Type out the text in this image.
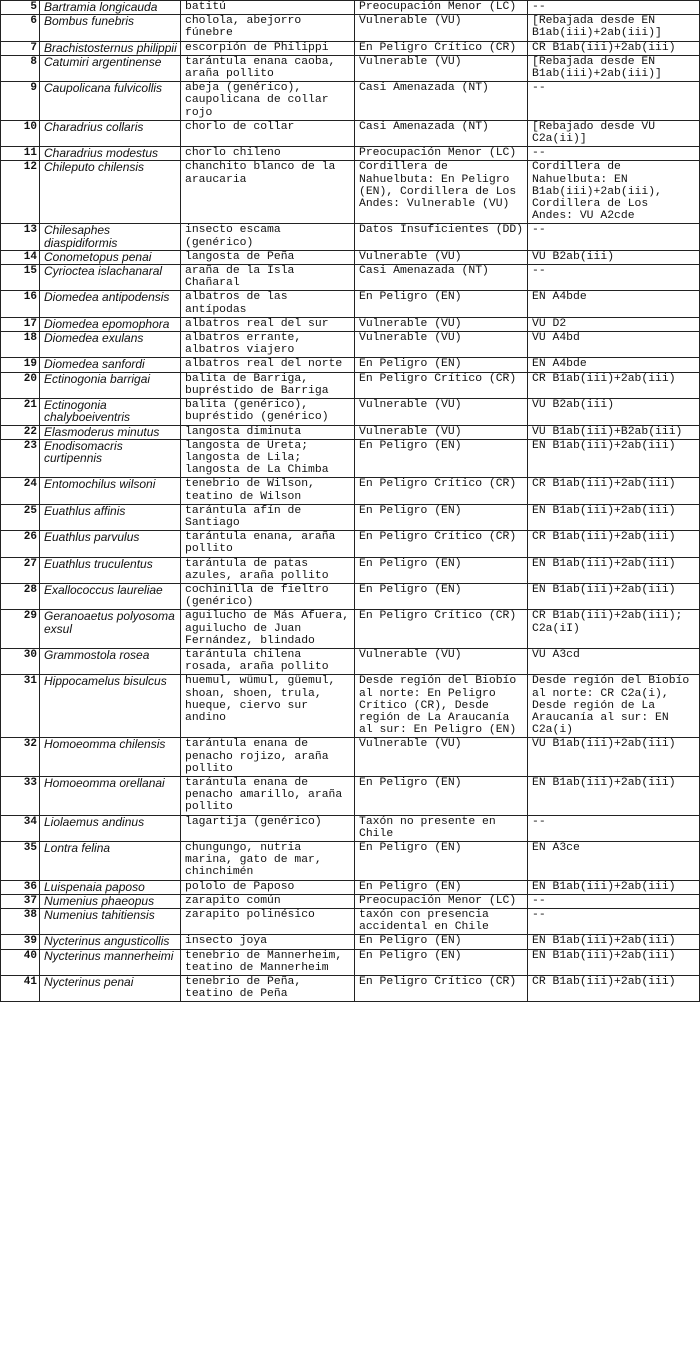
5	Bartramia longicauda	batitú	Preocupación Menor (LC)	--
6	Bombus funebris	cholola, abejorro fúnebre	Vulnerable (VU)	[Rebajada desde EN B1ab(iii)+2ab(iii)]
7	Brachistosternus philippii	escorpión de Philippi	En Peligro Crítico (CR)	CR B1ab(iii)+2ab(iii)
8	Catumiri argentinense	tarántula enana caoba, araña pollito	Vulnerable (VU)	[Rebajada desde EN B1ab(iii)+2ab(iii)]
9	Caupolicana fulvicollis	abeja (genérico), caupolicana de collar rojo	Casi Amenazada (NT)	--
10	Charadrius collaris	chorlo de collar	Casi Amenazada (NT)	[Rebajado desde VU C2a(ii)]
11	Charadrius modestus	chorlo chileno	Preocupación Menor (LC)	--
12	Chileputo chilensis	chanchito blanco de la araucaria	Cordillera de Nahuelbuta: En Peligro (EN), Cordillera de Los Andes: Vulnerable (VU)	Cordillera de Nahuelbuta: EN B1ab(iii)+2ab(iii), Cordillera de Los Andes: VU A2cde
13	Chilesaphes diaspidiformis	insecto escama (genérico)	Datos Insuficientes (DD)	--
14	Conometopus penai	langosta de Peña	Vulnerable (VU)	VU B2ab(iii)
15	Cyrioctea islachanaral	araña de la Isla Chañaral	Casi Amenazada (NT)	--
16	Diomedea antipodensis	albatros de las antípodas	En Peligro (EN)	EN A4bde
17	Diomedea epomophora	albatros real del sur	Vulnerable (VU)	VU D2
18	Diomedea exulans	albatros errante, albatros viajero	Vulnerable (VU)	VU A4bd
19	Diomedea sanfordi	albatros real del norte	En Peligro (EN)	EN A4bde
20	Ectinogonia barrigai	balita de Barriga, bupréstido de Barriga	En Peligro Crítico (CR)	CR B1ab(iii)+2ab(iii)
21	Ectinogonia chalyboeiventris	balita (genérico), bupréstido (genérico)	Vulnerable (VU)	VU B2ab(iii)
22	Elasmoderus minutus	langosta diminuta	Vulnerable (VU)	VU B1ab(iii)+B2ab(iii)
23	Enodisomacris curtipennis	langosta de Ureta; langosta de Lila; langosta de La Chimba	En Peligro (EN)	EN B1ab(iii)+2ab(iii)
24	Entomochilus wilsoni	tenebrio de Wilson, teatino de Wilson	En Peligro Crítico (CR)	CR B1ab(iii)+2ab(iii)
25	Euathlus affinis	tarántula afín de Santiago	En Peligro (EN)	EN B1ab(iii)+2ab(iii)
26	Euathlus parvulus	tarántula enana, araña pollito	En Peligro Crítico (CR)	CR B1ab(iii)+2ab(iii)
27	Euathlus truculentus	tarántula de patas azules, araña pollito	En Peligro (EN)	EN B1ab(iii)+2ab(iii)
28	Exallococcus laureliae	cochinilla de fieltro (genérico)	En Peligro (EN)	EN B1ab(iii)+2ab(iii)
29	Geranoaetus polyosoma exsul	aguilucho de Más Afuera, aguilucho de Juan Fernández, blindado	En Peligro Crítico (CR)	CR B1ab(iii)+2ab(iii); C2a(iI)
30	Grammostola rosea	tarántula chilena rosada, araña pollito	Vulnerable (VU)	VU A3cd
31	Hippocamelus bisulcus	huemul, wümul, güemul, shoan, shoen, trula, hueque, ciervo sur andino	Desde región del Biobío al norte: En Peligro Crítico (CR), Desde región de La Araucanía al sur: En Peligro (EN)	Desde región del Biobío al norte: CR C2a(i), Desde región de La Araucanía al sur: EN C2a(i)
32	Homoeomma chilensis	tarántula enana de penacho rojizo, araña pollito	Vulnerable (VU)	VU B1ab(iii)+2ab(iii)
33	Homoeomma orellanai	tarántula enana de penacho amarillo, araña pollito	En Peligro (EN)	EN B1ab(iii)+2ab(iii)
34	Liolaemus andinus	lagartija (genérico)	Taxón no presente en Chile	--
35	Lontra felina	chungungo, nutria marina, gato de mar, chinchimén	En Peligro (EN)	EN A3ce
36	Luispenaia paposo	pololo de Paposo	En Peligro (EN)	EN B1ab(iii)+2ab(iii)
37	Numenius phaeopus	zarapito común	Preocupación Menor (LC)	--
38	Numenius tahitiensis	zarapito polinésico	taxón con presencia accidental en Chile	--
39	Nycterinus angusticollis	insecto joya	En Peligro (EN)	EN B1ab(iii)+2ab(iii)
40	Nycterinus mannerheimi	tenebrio de Mannerheim, teatino de Mannerheim	En Peligro (EN)	EN B1ab(iii)+2ab(iii)
41	Nycterinus penai	tenebrio de Peña, teatino de Peña	En Peligro Crítico (CR)	CR B1ab(iii)+2ab(iii)
